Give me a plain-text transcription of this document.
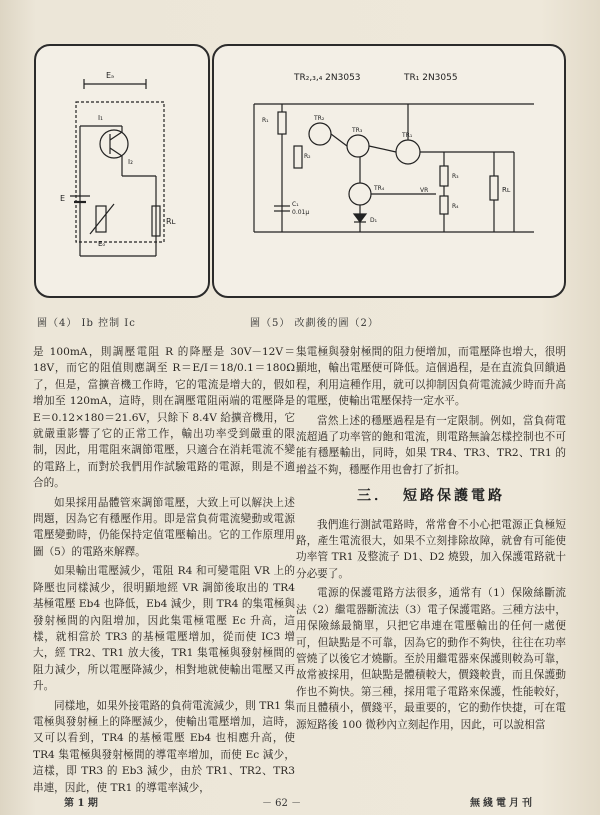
Eₔ
I₁
I₂
E
Eₒ
Rʟ
TR₂,₃,₄ 2N3053	TR₁ 2N3055
R₁
R₂
C₁
0.01μ
TR₂
TR₃
TR₁
TR₄
D₁
R₃
R₄
VR	Rʟ
圖（4） Ib 控制 Ic	圖（5） 改劃後的圖（2）

是 100mA，則調壓電阻 R 的降壓是 30V－12V＝18V，而它的阻值則應調至 R＝E/I＝18/0.1＝180Ω了，但是，當擴音機工作時，它的電流是增大的，假如增加至 120mA，這時，則在調壓電阻兩端的電壓降是 E＝0.12×180＝21.6V，只餘下 8.4V 給擴音機用，它就嚴重影響了它的正常工作，輸出功率受到嚴重的限制，因此，用電阻來調節電壓，只適合在消耗電流不變的電路上，而對於我們用作試驗電路的電源，則是不適合的。

如果採用晶體管來調節電壓，大致上可以解決上述問題，因為它有穩壓作用。即是當負荷電流變動或電源電壓變動時，仍能保持定值電壓輸出。它的工作原理用圖（5）的電路來解釋。

如果輸出電壓減少，電阻 R4 和可變電阻 VR 上的降壓也同樣減少，很明顯地經 VR 調節後取出的 TR4 基極電壓 Eb4 也降低，Eb4 減少，則 TR4 的集電極與發射極間的內阻增加，因此集電極電壓 Ec 升高，這樣，就相當於 TR3 的基極電壓增加，從而使 IC3 增大，經 TR2、TR1 放大後，TR1 集電極與發射極間的阻力減少，所以電壓降減少，相對地就使輸出電壓又再升。

同樣地，如果外接電路的負荷電流減少，則 TR1 集電極與發射極上的降壓減少，使輸出電壓增加，這時，又可以看到，TR4 的基極電壓 Eb4 也相應升高，使 TR4 集電極與發射極間的導電率增加，而使 Ec 減少，這樣，即 TR3 的 Eb3 減少，由於 TR1、TR2、TR3 串連，因此，使 TR1 的導電率減少，

集電極與發射極間的阻力便增加，而電壓降也增大，很明顯地，輸出電壓便可降低。這個過程，是在直流負回饋過程，利用這種作用，就可以抑制因負荷電流減少時而升高的電壓，使輸出電壓保持一定水平。

當然上述的穩壓過程是有一定限制。例如，當負荷電流超過了功率管的飽和電流，則電路無論怎樣控制也不可能有穩壓輸出，同時，如果 TR4、TR3、TR2、TR1 的增益不夠，穩壓作用也會打了折扣。

三． 短路保護電路

我們進行測試電路時，常常會不小心把電源正負極短路，產生電流很大，如果不立刻排除故障，就會有可能使功率管 TR1 及整流子 D1、D2 燒毀，加入保護電路就十分必要了。

電源的保護電路方法很多，通常有（1）保險絲斷流法（2）繼電器斷流法（3）電子保護電路。三種方法中，用保險絲最簡單，只把它串連在電壓輸出的任何一處便可，但缺點是不可靠，因為它的動作不夠快，往往在功率管燒了以後它才燒斷。至於用繼電器來保護則較為可靠，故常被採用，但缺點是體積較大，價錢較貴，而且保護動作也不夠快。第三種，採用電子電路來保護，性能較好，而且體積小，價錢平，最重要的，它的動作快捷，可在電源短路後 100 微秒內立刻起作用，因此，可以說相當

第 1 期	－ 62 －	無綫電月刊
